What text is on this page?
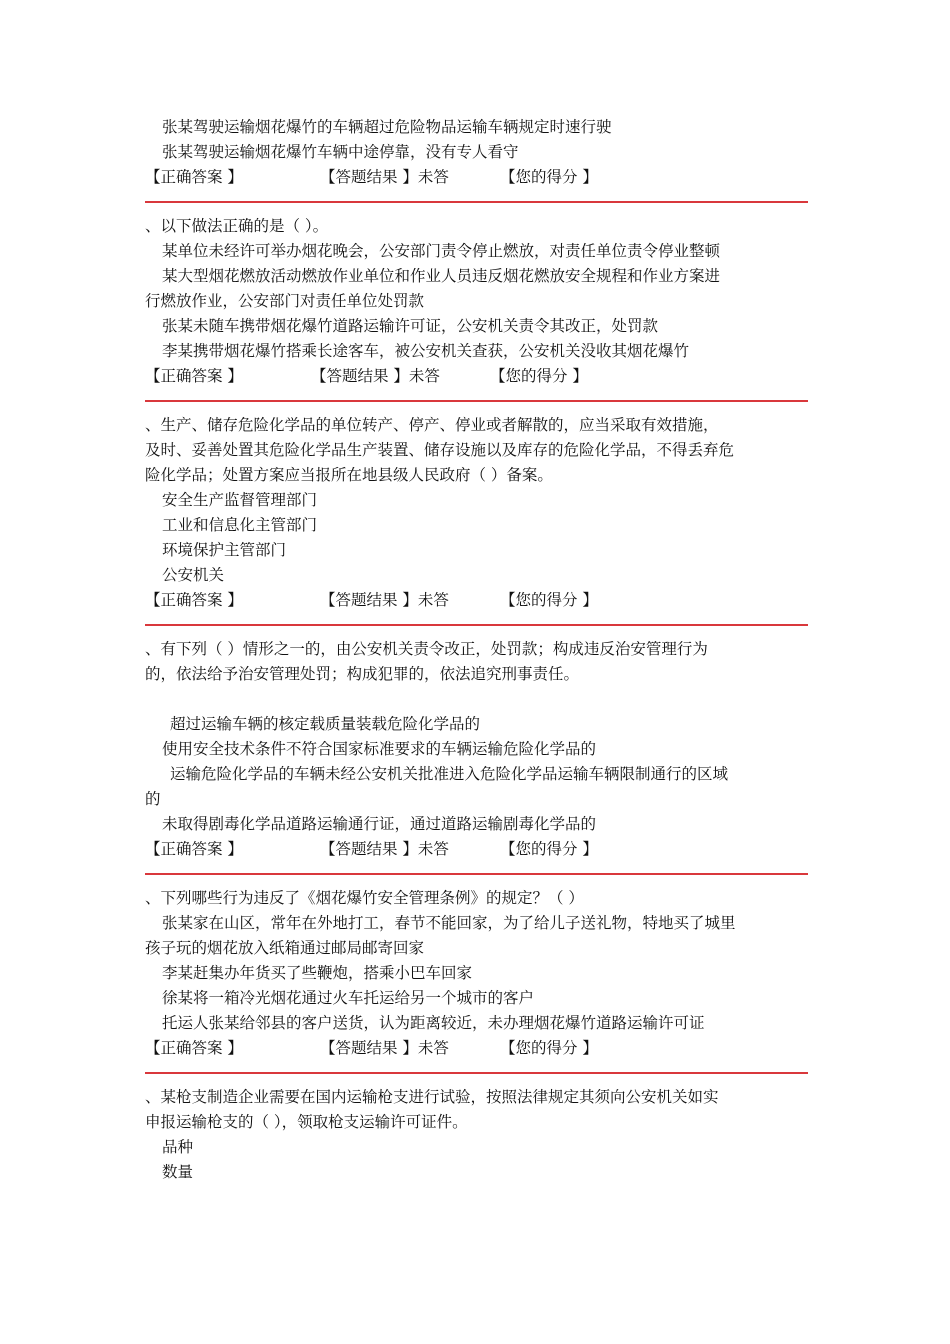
张某驾驶运输烟花爆竹的车辆超过危险物品运输车辆规定时速行驶
张某驾驶运输烟花爆竹车辆中途停靠，没有专人看守
【正确答案 】	【答题结果 】未答	【您的得分 】
、以下做法正确的是（ ）。
某单位未经许可举办烟花晚会，公安部门责令停止燃放，对责任单位责令停业整顿
某大型烟花燃放活动燃放作业单位和作业人员违反烟花燃放安全规程和作业方案进
行燃放作业，公安部门对责任单位处罚款
张某未随车携带烟花爆竹道路运输许可证，公安机关责令其改正，处罚款
李某携带烟花爆竹搭乘长途客车，被公安机关查获，公安机关没收其烟花爆竹
【正确答案 】	【答题结果 】未答	【您的得分 】
、生产、储存危险化学品的单位转产、停产、停业或者解散的，应当采取有效措施，
及时、妥善处置其危险化学品生产装置、储存设施以及库存的危险化学品，不得丢弃危
险化学品；处置方案应当报所在地县级人民政府（ ）备案。
安全生产监督管理部门
工业和信息化主管部门
环境保护主管部门
公安机关
【正确答案 】	【答题结果 】未答	【您的得分 】
、有下列（ ）情形之一的，由公安机关责令改正，处罚款；构成违反治安管理行为
的，依法给予治安管理处罚；构成犯罪的，依法追究刑事责任。
超过运输车辆的核定载质量装载危险化学品的
使用安全技术条件不符合国家标准要求的车辆运输危险化学品的
运输危险化学品的车辆未经公安机关批准进入危险化学品运输车辆限制通行的区域
的
未取得剧毒化学品道路运输通行证，通过道路运输剧毒化学品的
【正确答案 】	【答题结果 】未答	【您的得分 】
、下列哪些行为违反了《烟花爆竹安全管理条例》的规定？（ ）
张某家在山区，常年在外地打工，春节不能回家，为了给儿子送礼物，特地买了城里
孩子玩的烟花放入纸箱通过邮局邮寄回家
李某赶集办年货买了些鞭炮，搭乘小巴车回家
徐某将一箱冷光烟花通过火车托运给另一个城市的客户
托运人张某给邻县的客户送货，认为距离较近，未办理烟花爆竹道路运输许可证
【正确答案 】	【答题结果 】未答	【您的得分 】
、某枪支制造企业需要在国内运输枪支进行试验，按照法律规定其须向公安机关如实
申报运输枪支的（ ），领取枪支运输许可证件。
品种
数量
